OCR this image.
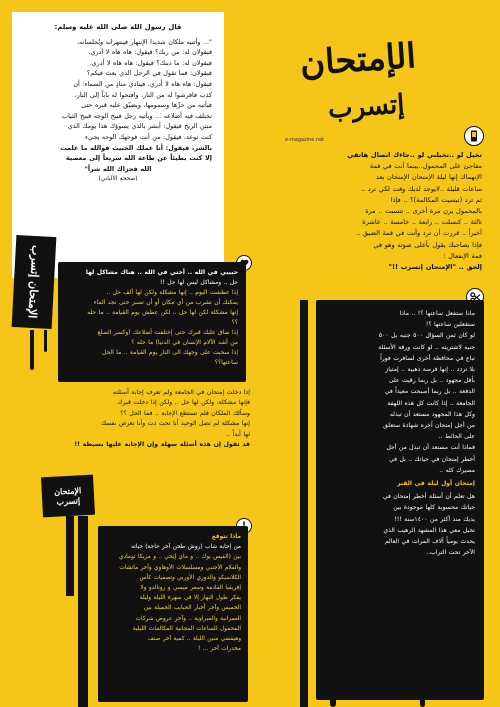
قال رسول الله صلى الله عليه وسلم:
"... وأتتيه ملكان شديدا الإنتهار فينتهرانه ويُجلسانه،
فيقولان له: من ربك؟ فيقول: هاه هاه لا أدري.
فيقولان له: ما دينك؟ فيقول: هاه هاه لا أدري.
فيقولان: فما تقول في الرجل الذي بعث فيكم؟
فيقول: هاه هاه لا أدري، فينادي منادٍ من السماء: أن
كذب فافرشوا له من النار، وافتحوا له باباً إلى النار،
فيأتيه من حرِّها وسمومها، ويضيّق عليه قبره حتى
تختلف فيه أضلاعه ... ويأتيه رجل قبيح الوجه قبيح الثياب
منتن الريح فيقول: أبشر بالذي يسوؤك هذا يومك الذي
كنت توعد، فيقول: من أنت فوجهك الوجه يجيء
بالشر، فيقول: أنا عملك الخبيث فوالله ما علمت
إلا كنت بطيئاً عن طاعة الله سريعاً إلى معصية
الله فجزاك الله شراً"
(صححه الألباني)
الإمتحان
إتسرب
e-magazine.net
تخيل لو ..تخيلني لو ..جاءك اتصال هاتفي
مفاجئ على المحمول..بينما أنت في قمة
الإنهماك إنها ليلة الإمتحان الإمتحان بعد
ساعات قليلة ..لايوجد لديك وقت لكي ترد ..
ثم ترد (تبسيت المكالمة)؟ .. فإذا
بالمحمول يرن مرة أخرى .. تتسبت .. مرة
ثالثة .. كنسلت .. رابعة .. خامسة .. عاشرة
أخيراً .. قررت أن ترد وأنت في قمة الضيق ..
فإذا بصاحبك يقول بأعلى صوته وهو في
قمة الإنفعال :
إلحق .. "الإمتحان إتسرب !!"
الإمتحان إتسرب	حبيبي في الله .. أختي في الله .. هناك مشاكل لها
حل .. ومشاكل ليس لها حل !!
إذا عطشت اليوم .. إنها مشكلة ولكن لها ألف حل ..
يمكنك أن تشرب من أي مكان أو أن تصبر حتى تجد الماء
إنها مشكلة لكن لها حل .. لكن عطش يوم القيامة .. ما حله
؟؟
إذا ضاق عليك قبرك حتى إختلفت أضلاعك (وكسر الضلع
من أشد الآلام الإنسان في الدنيا) ما حله ؟
إذا سحبت على وجهك الى النار يوم القيامة .. ما الحل
ساعتها؟؟
إذا دخلت إمتحان في الجامعة ولم تعرف إجابة أسئلته
فإنها مشكلة، ولكن لها حل .. ولكن إذا دخلت قبرك
وسألك الملكان فلم تستطع الإجابة .. فما الحل ؟؟
إنها مشكلة لم تصل الوحيد أنا تحت دت وأنا تعرض نفسك
لها أبداً ..
قد تقول إن هذه أسئلة سهلة وإن الإجابة عليها بسيطة !!
الإمتحان إتسرب
ماذا تتوقع
من إجابة شاب (روش طحن آخر حاجة) حياته
بين (الفيس بوك .. و ماي إيجي .. و مزيكا تومادي
والفلام الأجنبي ومسلسلات الأوهاوي وأخر ماتشات
الكلاسيكو والدوري الأوربي وتصفيات كأس
إفريقيا القادمة وسعر ميسي و رونالدو ولا
يفكر طول النهار إلا في سهرة الليلة وليلة
الخميس وآخر أخبار الحبايب الجميلة بين
العمرانية والمبراوية .. وآخر عروض شركات
المحمول للساعات المجانية المكالمات الليلية
وهيقضي منين الليلة .. كمية آخر صنف
مخدرات آخر ... !
ماذا ستفعل ساعتها ؟! .. ماذا
ستقعلين ساعتها ؟!
لو كان ثمن السؤال ٥٠٠ جنيه بل ٥٠٠
جنيه لاشتريته .. لو كانت ورقة الأسئلة
تباع في محافظة أخرى لسافرت فوراً
بلا تردد .. إنها فرصة ذهبية .. إمتياز
بأقل مجهود .. بل ربما رقيت على
الدفعة .. بل ربما أصبحت معيداً في
الجامعة .. إذا كانت كل هذه اللهفة
وكل هذا المجهود مستعد أن تبذله
من أجل إمتحان آخره شهادة ستعلق
على الحائط ..
فماذا أنت مستعد أن تبذل من أجل
أخطر إمتحان في حياتك .. بل في
مصيرك كله ..
إمتحان أول ليلة في القبر
هل تعلم أن أسئلة أخطر إمتحان في
حياتك محسوبة كلها موجودة بين
يديك منذ أكثر من ١٤٠٠سنة !!!
تخيل معي هذا المشهد الرهيب الذي
يحدث يومياً آلاف المرات في العالم
الآخر تحت التراب..
